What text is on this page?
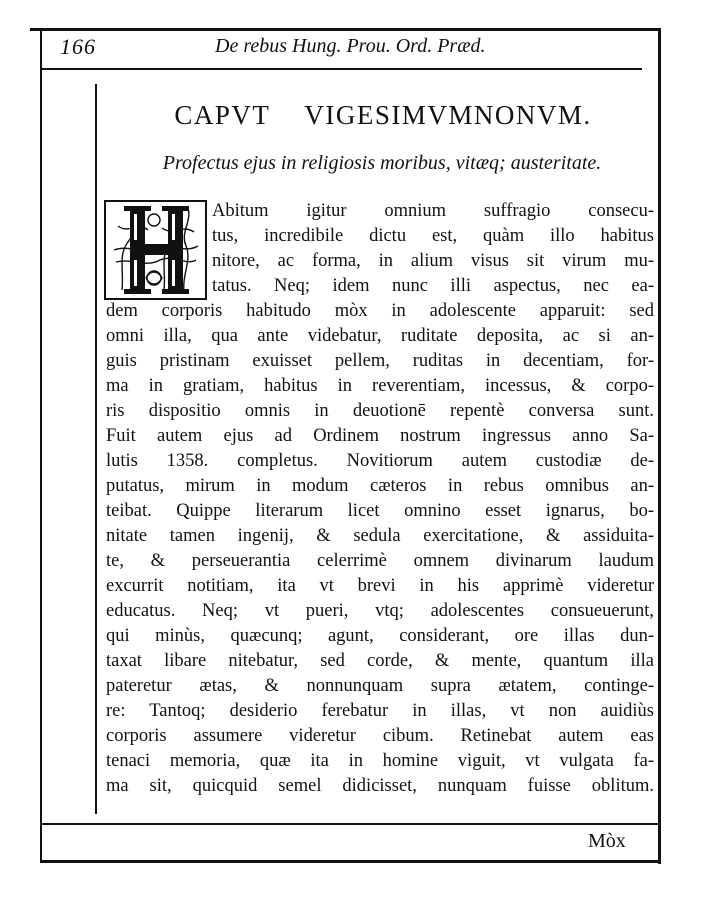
166	De rebus Hung. Prou. Ord. Præd.
CAPVT VIGESIMVMNONVM.

Profectus ejus in religiosis moribus, vitæq; austeritate.

Abitum igitur omnium suffragio consecu-
tus, incredibile dictu est, quàm illo habitus
nitore, ac forma, in alium visus sit virum mu-
tatus. Neq; idem nunc illi aspectus, nec ea-
dem corporis habitudo mòx in adolescente apparuit: sed
omni illa, qua ante videbatur, ruditate deposita, ac si an-
guis pristinam exuisset pellem, ruditas in decentiam, for-
ma in gratiam, habitus in reverentiam, incessus, & corpo-
ris dispositio omnis in deuotionē repentè conversa sunt.
Fuit autem ejus ad Ordinem nostrum ingressus anno Sa-
lutis 1358. completus. Novitiorum autem custodiæ de-
putatus, mirum in modum cæteros in rebus omnibus an-
teibat. Quippe literarum licet omnino esset ignarus, bo-
nitate tamen ingenij, & sedula exercitatione, & assiduita-
te, & perseuerantia celerrimè omnem divinarum laudum
excurrit notitiam, ita vt brevi in his apprimè videretur
educatus. Neq; vt pueri, vtq; adolescentes consueuerunt,
qui minùs, quæcunq; agunt, considerant, ore illas dun-
taxat libare nitebatur, sed corde, & mente, quantum illa
pateretur ætas, & nonnunquam supra ætatem, continge-
re: Tantoq; desiderio ferebatur in illas, vt non auidiùs
corporis assumere videretur cibum. Retinebat autem eas
tenaci memoria, quæ ita in homine viguit, vt vulgata fa-
ma sit, quicquid semel didicisset, nunquam fuisse oblitum.
Mòx
